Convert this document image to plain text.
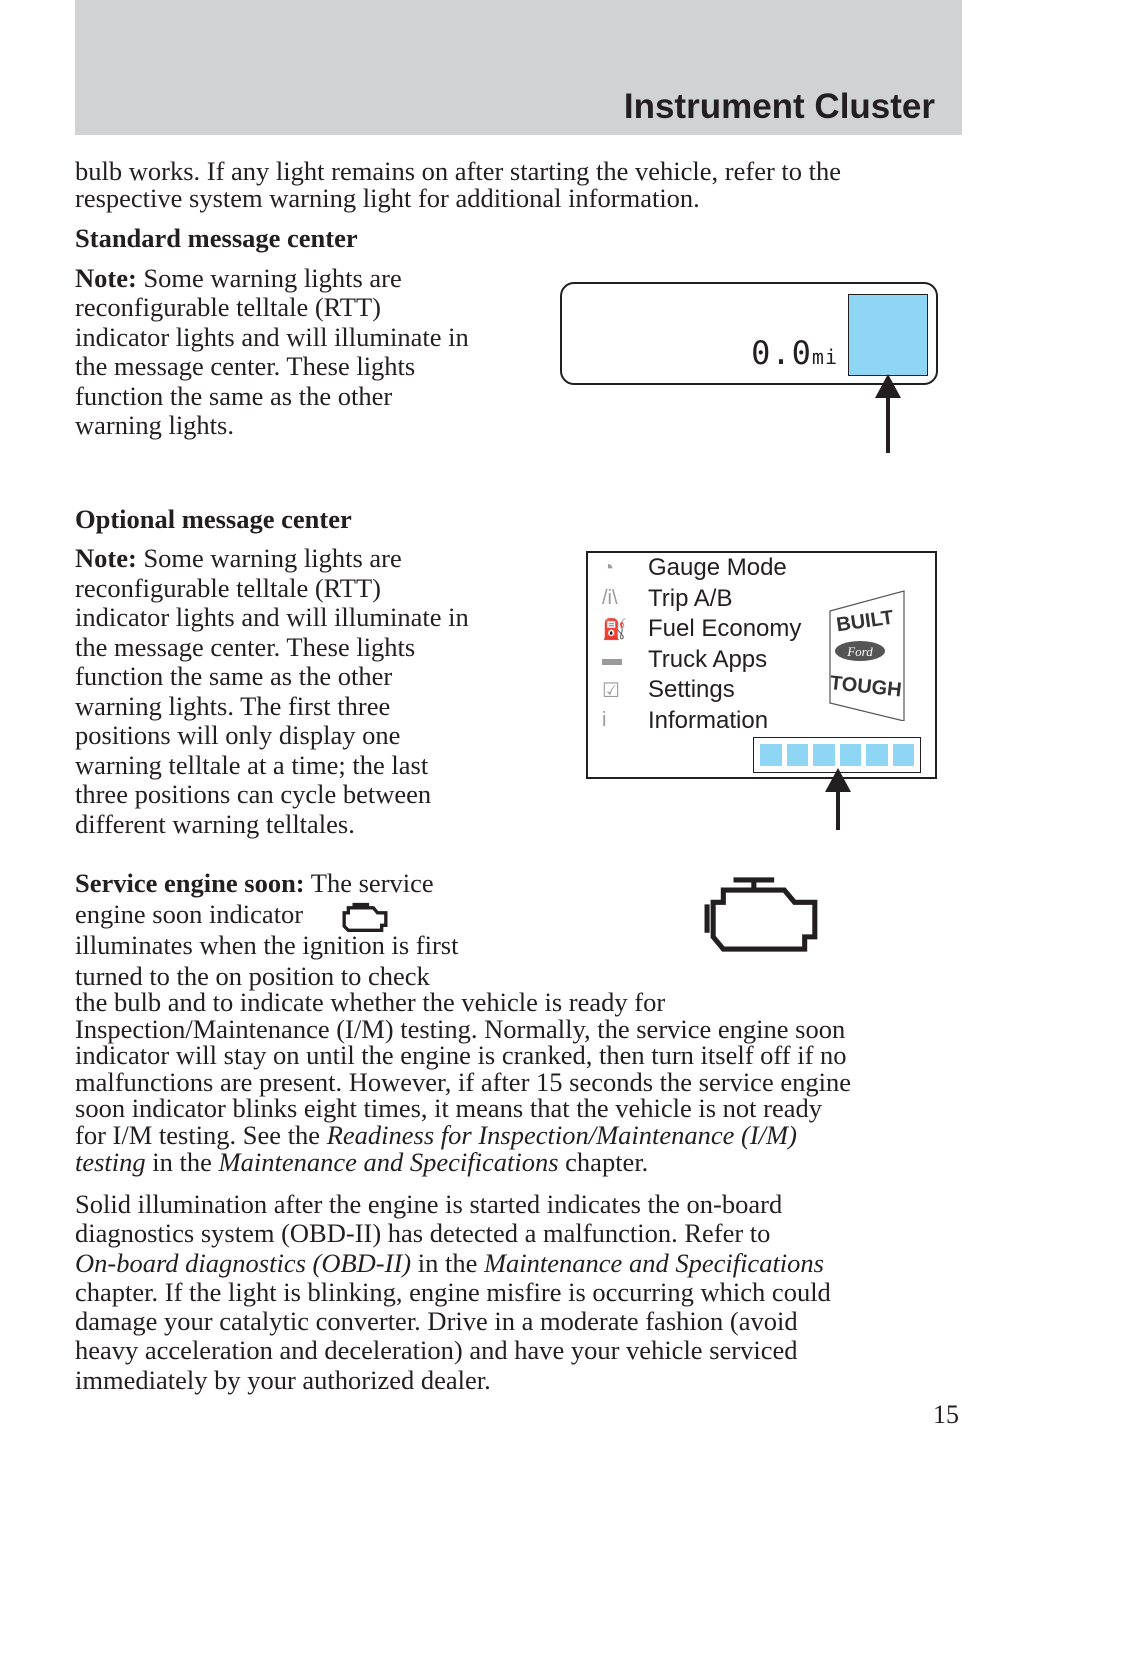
Instrument Cluster
bulb works. If any light remains on after starting the vehicle, refer to the
respective system warning light for additional information.
Standard message center
Note: Some warning lights are
reconfigurable telltale (RTT)
indicator lights and will illuminate in
the message center. These lights
function the same as the other
warning lights.
0.0mi
Optional message center
Note: Some warning lights are
reconfigurable telltale (RTT)
indicator lights and will illuminate in
the message center. These lights
function the same as the other
warning lights. The first three
positions will only display one
warning telltale at a time; the last
three positions can cycle between
different warning telltales.
◔	Gauge Mode
/i\	Trip A/B
⛽ Fuel Economy
▬	Truck Apps
☑	Settings
i	Information
BUILT
Ford
TOUGH
Service engine soon: The service
engine soon indicator
illuminates when the ignition is first
turned to the on position to check
the bulb and to indicate whether the vehicle is ready for
Inspection/Maintenance (I/M) testing. Normally, the service engine soon
indicator will stay on until the engine is cranked, then turn itself off if no
malfunctions are present. However, if after 15 seconds the service engine
soon indicator blinks eight times, it means that the vehicle is not ready
for I/M testing. See the Readiness for Inspection/Maintenance (I/M)
testing in the Maintenance and Specifications chapter.
Solid illumination after the engine is started indicates the on-board
diagnostics system (OBD-II) has detected a malfunction. Refer to
On-board diagnostics (OBD-II) in the Maintenance and Specifications
chapter. If the light is blinking, engine misfire is occurring which could
damage your catalytic converter. Drive in a moderate fashion (avoid
heavy acceleration and deceleration) and have your vehicle serviced
immediately by your authorized dealer.
15
